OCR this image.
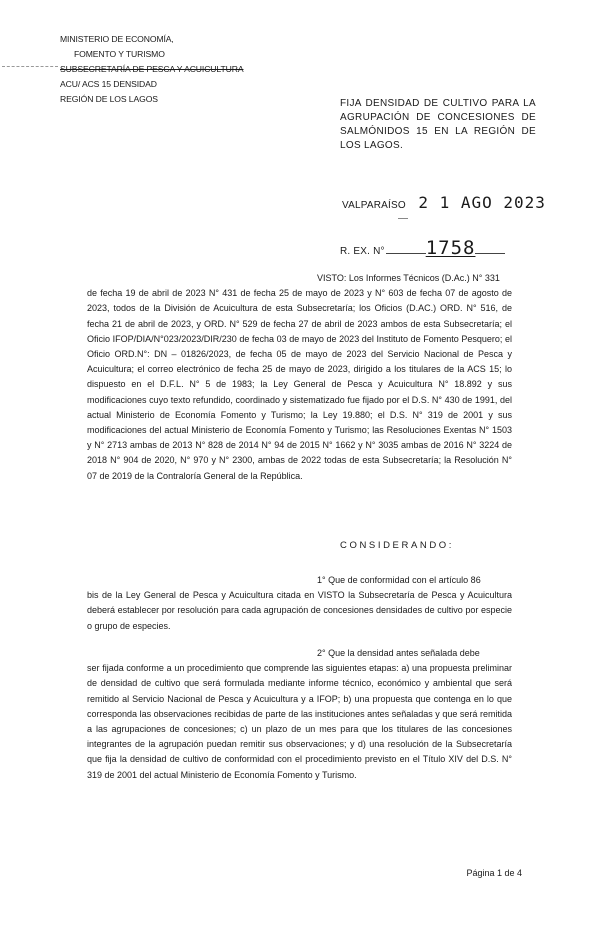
MINISTERIO DE ECONOMÍA,
FOMENTO Y TURISMO
SUBSECRETARÍA DE PESCA Y ACUICULTURA
ACU/ ACS 15 DENSIDAD
REGIÓN DE LOS LAGOS	FIJA DENSIDAD DE CULTIVO PARA LA AGRUPACIÓN DE CONCESIONES DE SALMÓNIDOS 15 EN LA REGIÓN DE LOS LAGOS.
VALPARAÍSO 2 1 AGO 2023
R. EX. N° 1758
VISTO: Los Informes Técnicos (D.Ac.) N° 331
de fecha 19 de abril de 2023 N° 431 de fecha 25 de mayo de 2023 y N° 603 de fecha 07 de agosto de 2023, todos de la División de Acuicultura de esta Subsecretaría; los Oficios (D.AC.) ORD. N° 516, de fecha 21 de abril de 2023, y ORD. N° 529 de fecha 27 de abril de 2023 ambos de esta Subsecretaría; el Oficio IFOP/DIA/N°023/2023/DIR/230 de fecha 03 de mayo de 2023 del Instituto de Fomento Pesquero; el Oficio ORD.N°: DN – 01826/2023, de fecha 05 de mayo de 2023 del Servicio Nacional de Pesca y Acuicultura; el correo electrónico de fecha 25 de mayo de 2023, dirigido a los titulares de la ACS 15; lo dispuesto en el D.F.L. N° 5 de 1983; la Ley General de Pesca y Acuicultura N° 18.892 y sus modificaciones cuyo texto refundido, coordinado y sistematizado fue fijado por el D.S. N° 430 de 1991, del actual Ministerio de Economía Fomento y Turismo; la Ley 19.880; el D.S. N° 319 de 2001 y sus modificaciones del actual Ministerio de Economía Fomento y Turismo; las Resoluciones Exentas N° 1503 y N° 2713 ambas de 2013 N° 828 de 2014 N° 94 de 2015 N° 1662 y N° 3035 ambas de 2016 N° 3224 de 2018 N° 904 de 2020, N° 970 y N° 2300, ambas de 2022 todas de esta Subsecretaría; la Resolución N° 07 de 2019 de la Contraloría General de la República.
CONSIDERANDO:
1° Que de conformidad con el artículo 86
bis de la Ley General de Pesca y Acuicultura citada en VISTO la Subsecretaría de Pesca y Acuicultura deberá establecer por resolución para cada agrupación de concesiones densidades de cultivo por especie o grupo de especies.
2° Que la densidad antes señalada debe
ser fijada conforme a un procedimiento que comprende las siguientes etapas: a) una propuesta preliminar de densidad de cultivo que será formulada mediante informe técnico, económico y ambiental que será remitido al Servicio Nacional de Pesca y Acuicultura y a IFOP; b) una propuesta que contenga en lo que corresponda las observaciones recibidas de parte de las instituciones antes señaladas y que será remitida a las agrupaciones de concesiones; c) un plazo de un mes para que los titulares de las concesiones integrantes de la agrupación puedan remitir sus observaciones; y d) una resolución de la Subsecretaría que fija la densidad de cultivo de conformidad con el procedimiento previsto en el Título XIV del D.S. N° 319 de 2001 del actual Ministerio de Economía Fomento y Turismo.
Página 1 de 4
